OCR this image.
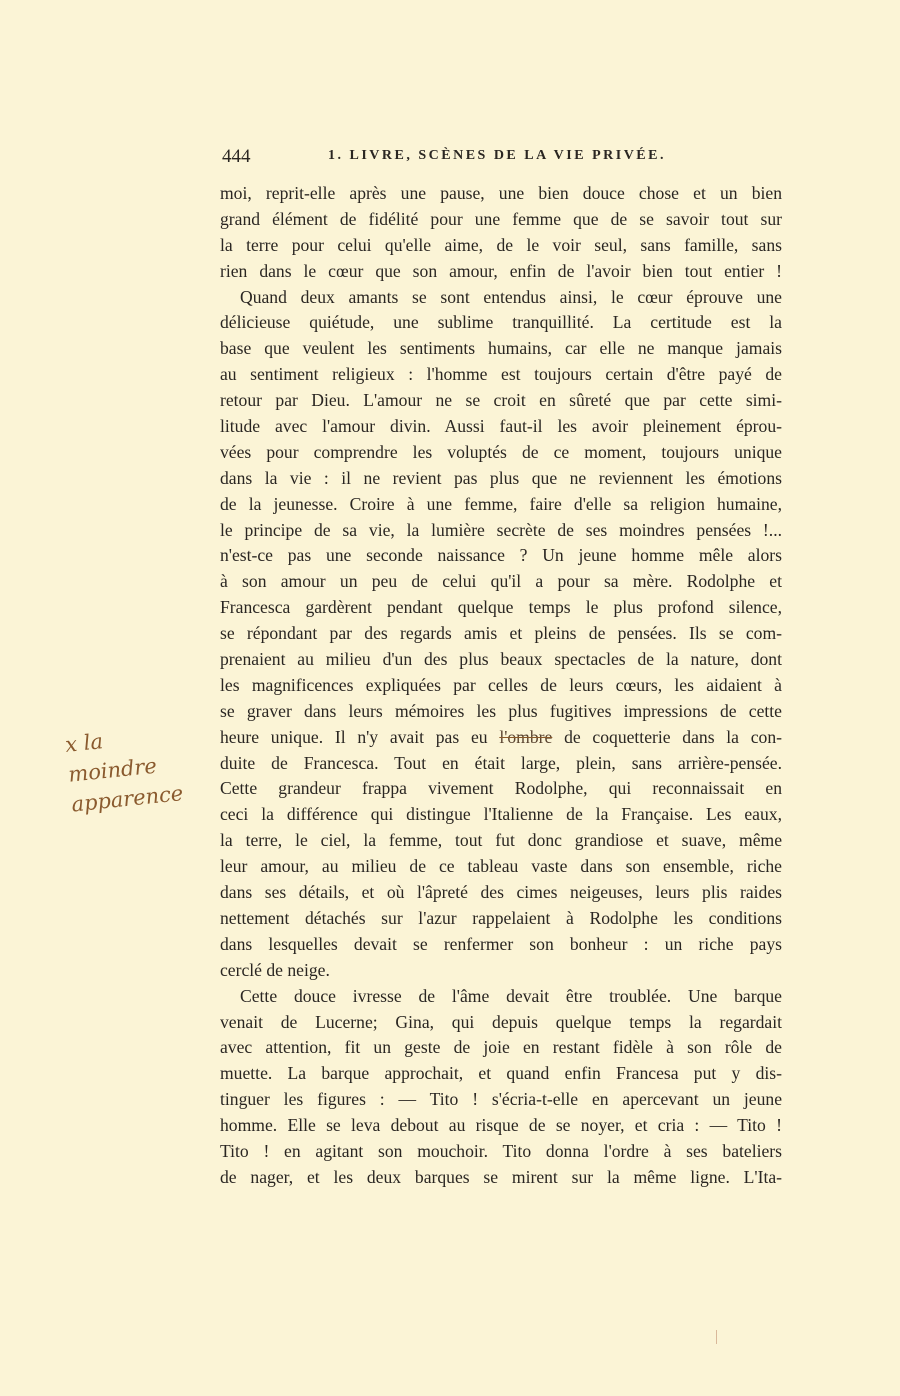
444	1. LIVRE, SCÈNES DE LA VIE PRIVÉE.
moi, reprit-elle après une pause, une bien douce chose et un bien
grand élément de fidélité pour une femme que de se savoir tout sur
la terre pour celui qu'elle aime, de le voir seul, sans famille, sans
rien dans le cœur que son amour, enfin de l'avoir bien tout entier !
Quand deux amants se sont entendus ainsi, le cœur éprouve une
délicieuse quiétude, une sublime tranquillité. La certitude est la
base que veulent les sentiments humains, car elle ne manque jamais
au sentiment religieux : l'homme est toujours certain d'être payé de
retour par Dieu. L'amour ne se croit en sûreté que par cette simi-
litude avec l'amour divin. Aussi faut-il les avoir pleinement éprou-
vées pour comprendre les voluptés de ce moment, toujours unique
dans la vie : il ne revient pas plus que ne reviennent les émotions
de la jeunesse. Croire à une femme, faire d'elle sa religion humaine,
le principe de sa vie, la lumière secrète de ses moindres pensées !...
n'est-ce pas une seconde naissance ? Un jeune homme mêle alors
à son amour un peu de celui qu'il a pour sa mère. Rodolphe et
Francesca gardèrent pendant quelque temps le plus profond silence,
se répondant par des regards amis et pleins de pensées. Ils se com-
prenaient au milieu d'un des plus beaux spectacles de la nature, dont
les magnificences expliquées par celles de leurs cœurs, les aidaient à
se graver dans leurs mémoires les plus fugitives impressions de cette
heure unique. Il n'y avait pas eu l'ombre de coquetterie dans la con-
duite de Francesca. Tout en était large, plein, sans arrière-pensée.
Cette grandeur frappa vivement Rodolphe, qui reconnaissait en
ceci la différence qui distingue l'Italienne de la Française. Les eaux,
la terre, le ciel, la femme, tout fut donc grandiose et suave, même
leur amour, au milieu de ce tableau vaste dans son ensemble, riche
dans ses détails, et où l'âpreté des cimes neigeuses, leurs plis raides
nettement détachés sur l'azur rappelaient à Rodolphe les conditions
dans lesquelles devait se renfermer son bonheur : un riche pays
cerclé de neige.
Cette douce ivresse de l'âme devait être troublée. Une barque
venait de Lucerne; Gina, qui depuis quelque temps la regardait
avec attention, fit un geste de joie en restant fidèle à son rôle de
muette. La barque approchait, et quand enfin Francesa put y dis-
tinguer les figures : — Tito ! s'écria-t-elle en apercevant un jeune
homme. Elle se leva debout au risque de se noyer, et cria : — Tito !
Tito ! en agitant son mouchoir. Tito donna l'ordre à ses bateliers
de nager, et les deux barques se mirent sur la même ligne. L'Ita-
x la
moindre
apparence
